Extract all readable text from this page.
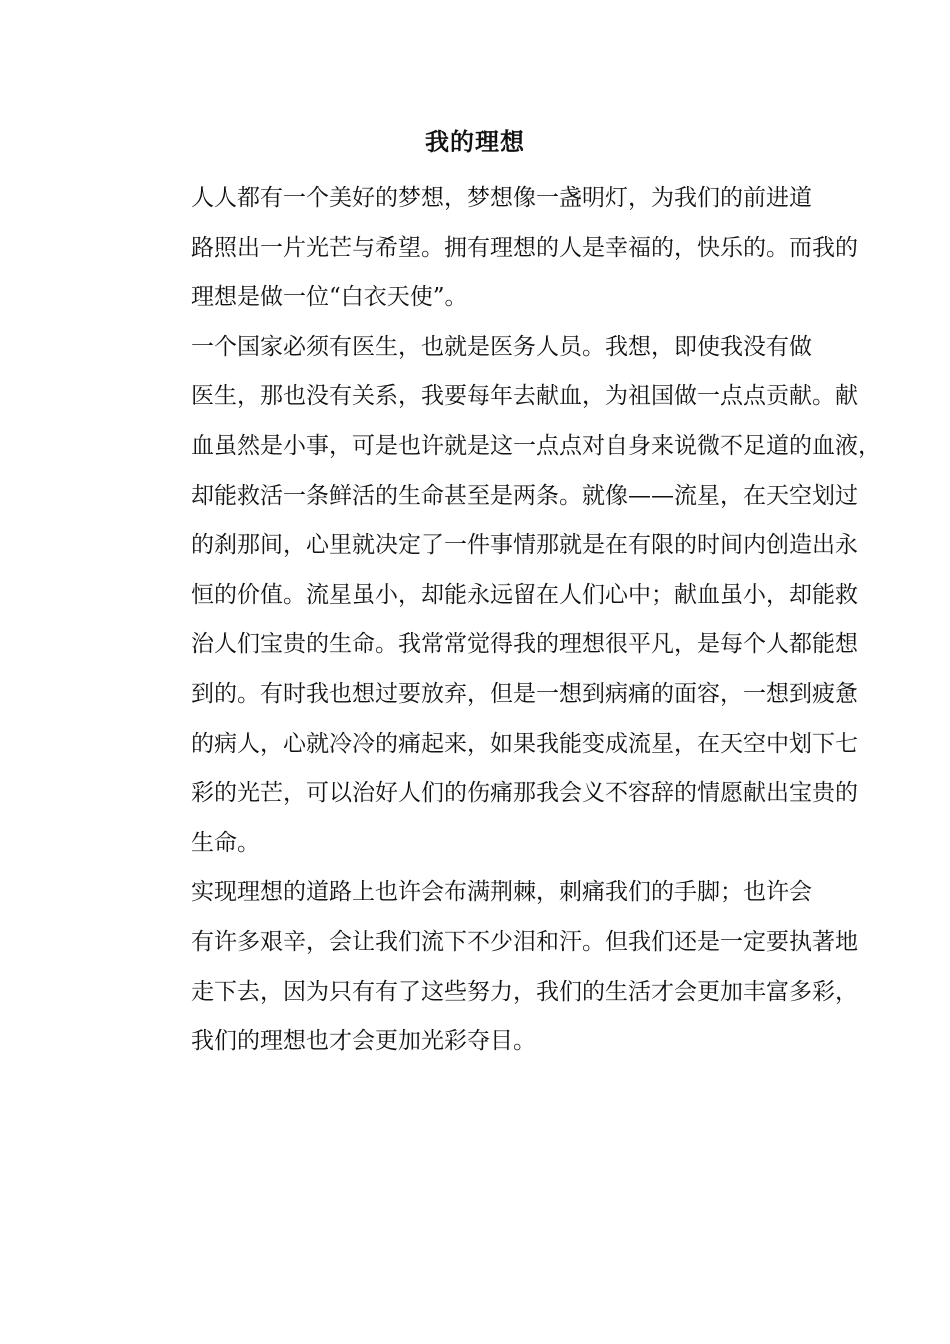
我的理想

人人都有一个美好的梦想，梦想像一盏明灯，为我们的前进道
路照出一片光芒与希望。拥有理想的人是幸福的，快乐的。而我的
理想是做一位“白衣天使”。

一个国家必须有医生，也就是医务人员。我想，即使我没有做
医生，那也没有关系，我要每年去献血，为祖国做一点点贡献。献
血虽然是小事，可是也许就是这一点点对自身来说微不足道的血液，
却能救活一条鲜活的生命甚至是两条。就像——流星，在天空划过
的刹那间，心里就决定了一件事情那就是在有限的时间内创造出永
恒的价值。流星虽小，却能永远留在人们心中；献血虽小，却能救
治人们宝贵的生命。我常常觉得我的理想很平凡，是每个人都能想
到的。有时我也想过要放弃，但是一想到病痛的面容，一想到疲惫
的病人，心就冷冷的痛起来，如果我能变成流星，在天空中划下七
彩的光芒，可以治好人们的伤痛那我会义不容辞的情愿献出宝贵的
生命。

实现理想的道路上也许会布满荆棘，刺痛我们的手脚；也许会
有许多艰辛，会让我们流下不少泪和汗。但我们还是一定要执著地
走下去，因为只有有了这些努力，我们的生活才会更加丰富多彩，
我们的理想也才会更加光彩夺目。
